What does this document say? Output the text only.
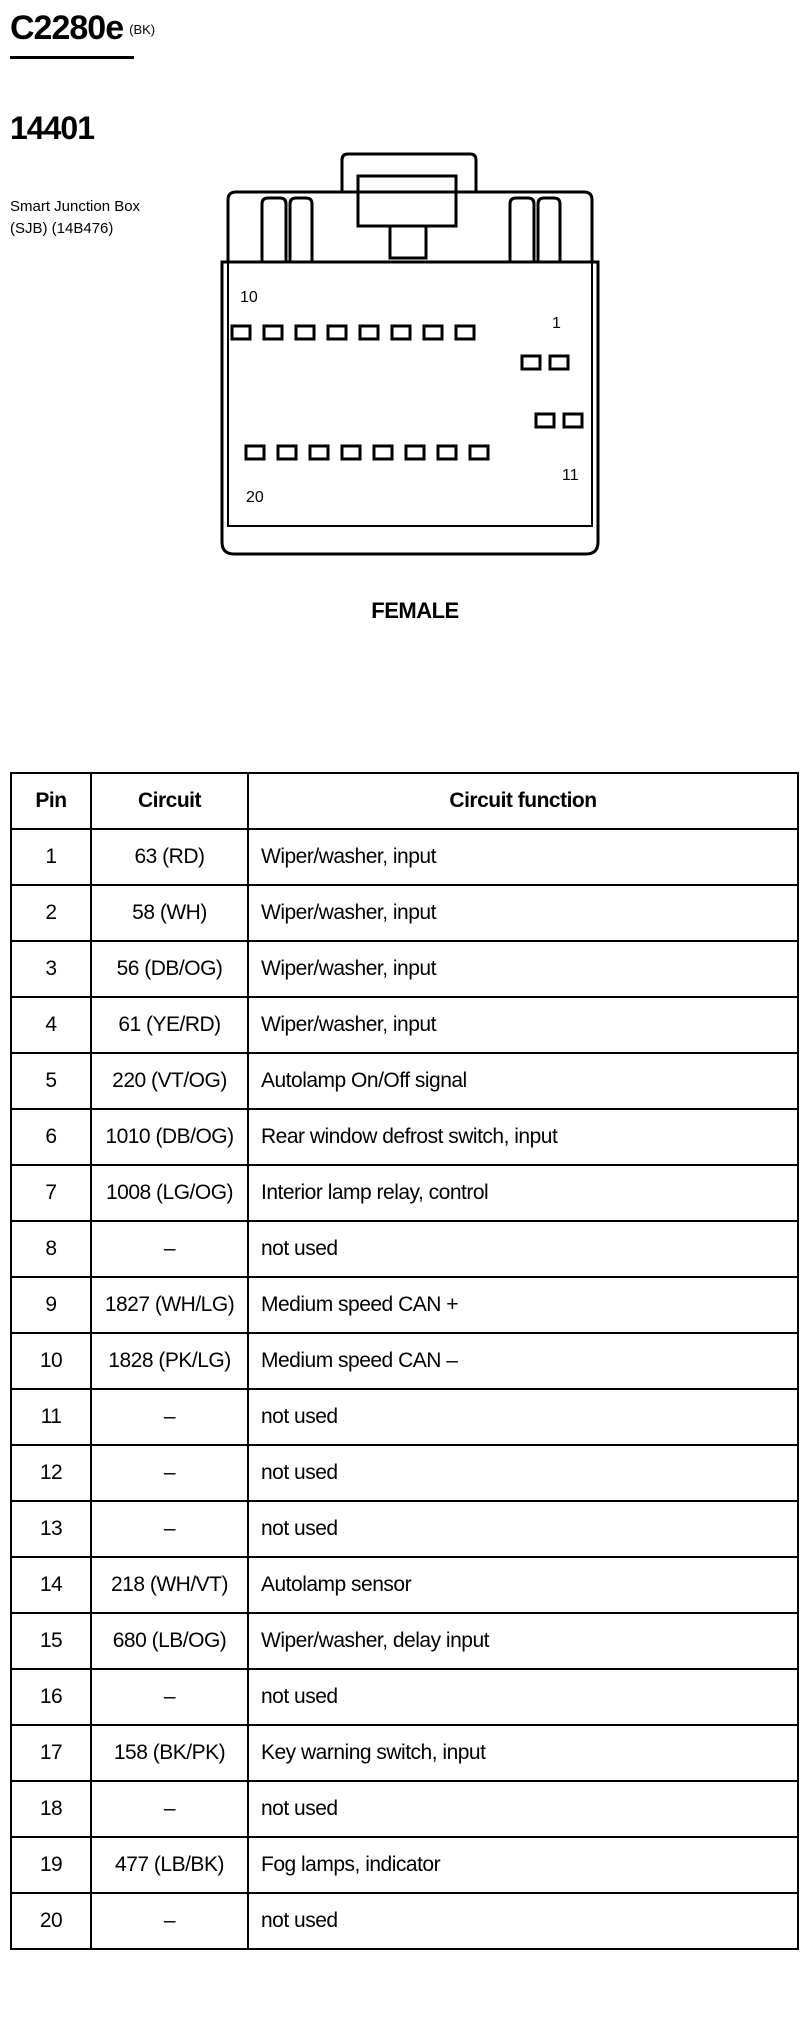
C2280e (BK)
14401
Smart Junction Box
(SJB) (14B476)
10
1
20
11
FEMALE
Pin	Circuit	Circuit function
1	63 (RD)	Wiper/washer, input
2	58 (WH)	Wiper/washer, input
3	56 (DB/OG)	Wiper/washer, input
4	61 (YE/RD)	Wiper/washer, input
5	220 (VT/OG)	Autolamp On/Off signal
6	1010 (DB/OG)	Rear window defrost switch, input
7	1008 (LG/OG)	Interior lamp relay, control
8	–	not used
9	1827 (WH/LG)	Medium speed CAN +
10	1828 (PK/LG)	Medium speed CAN –
11	–	not used
12	–	not used
13	–	not used
14	218 (WH/VT)	Autolamp sensor
15	680 (LB/OG)	Wiper/washer, delay input
16	–	not used
17	158 (BK/PK)	Key warning switch, input
18	–	not used
19	477 (LB/BK)	Fog lamps, indicator
20	–	not used
